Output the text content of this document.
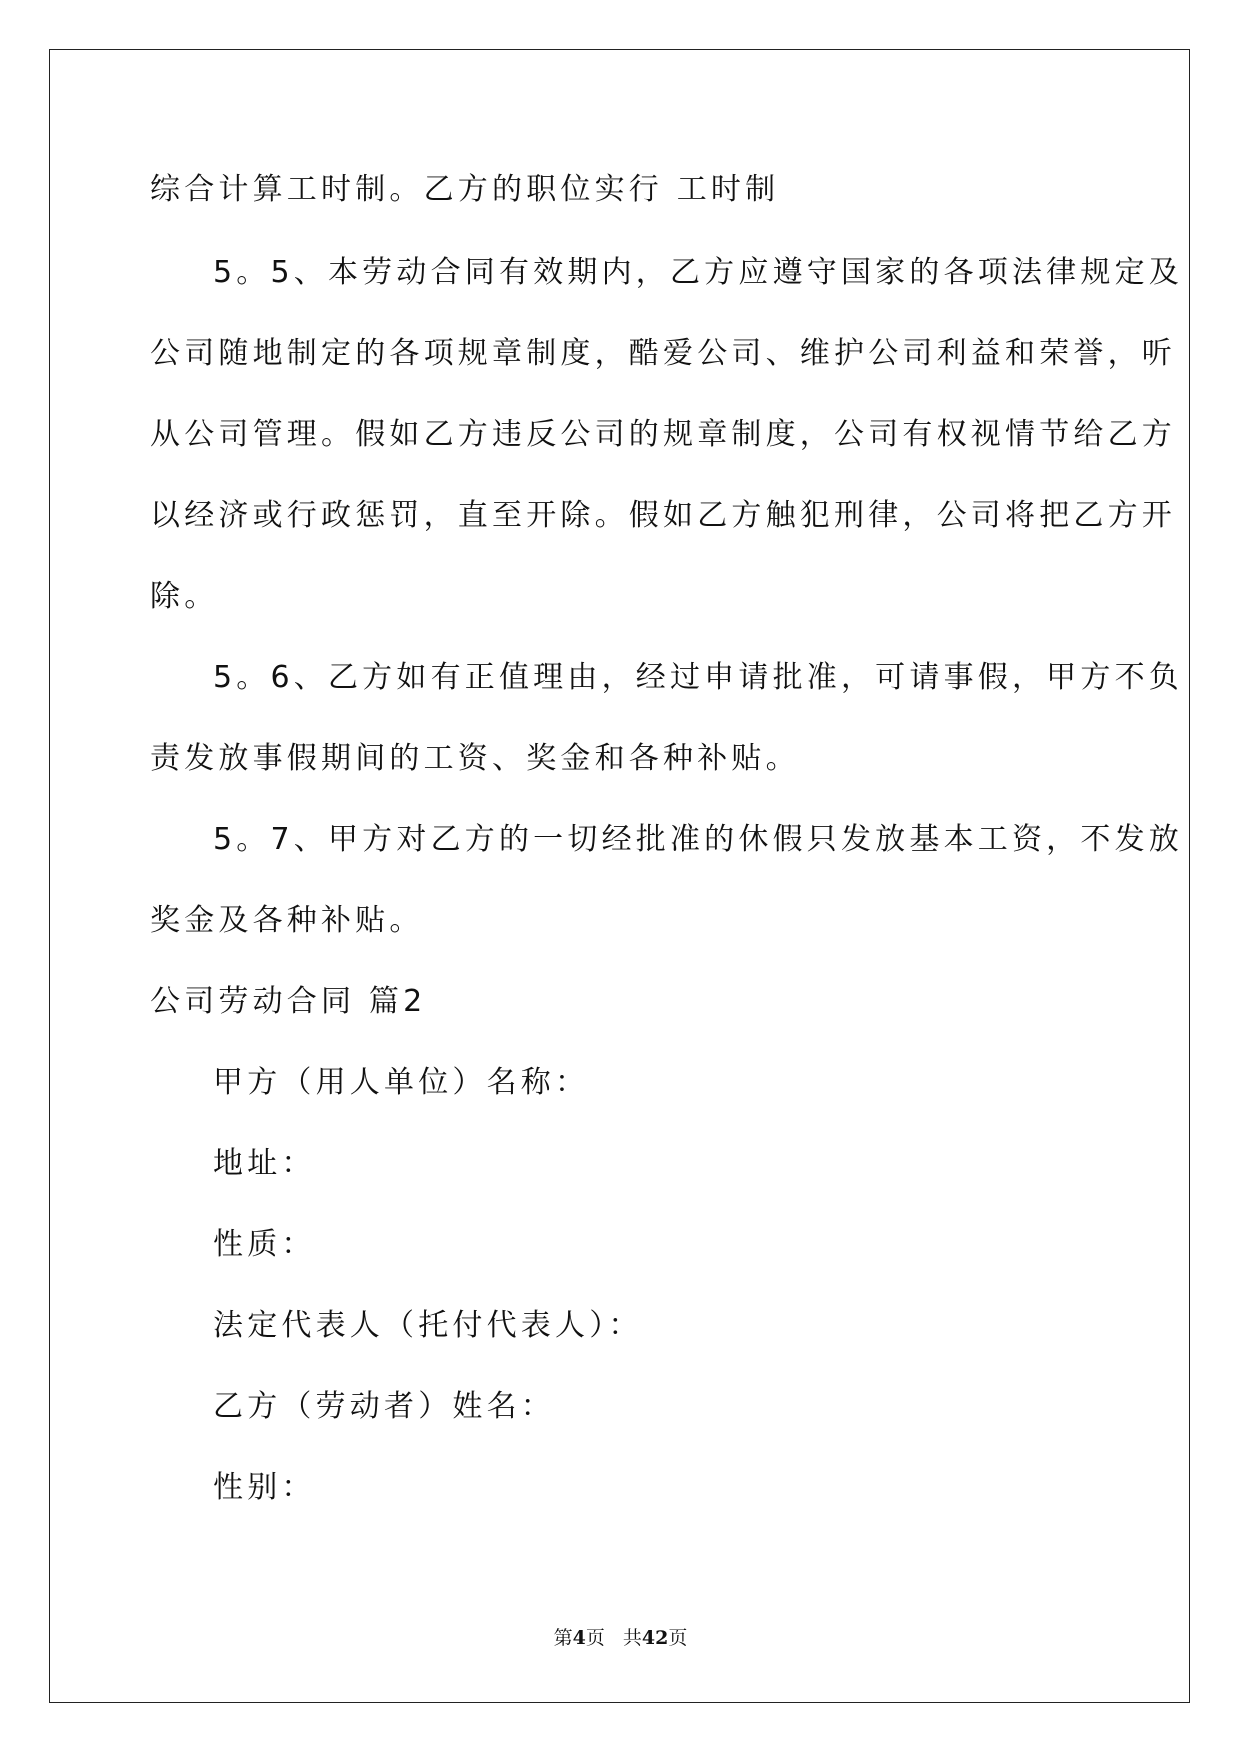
综合计算工时制。乙方的职位实行 工时制
5。5、本劳动合同有效期内，乙方应遵守国家的各项法律规定及
公司随地制定的各项规章制度，酷爱公司、维护公司利益和荣誉，听
从公司管理。假如乙方违反公司的规章制度，公司有权视情节给乙方
以经济或行政惩罚，直至开除。假如乙方触犯刑律，公司将把乙方开
除。
5。6、乙方如有正值理由，经过申请批准，可请事假，甲方不负
责发放事假期间的工资、奖金和各种补贴。
5。7、甲方对乙方的一切经批准的休假只发放基本工资，不发放
奖金及各种补贴。
公司劳动合同 篇2
甲方（用人单位）名称：
地址：
性质：
法定代表人（托付代表人）：
乙方（劳动者）姓名：
性别：
第4页 共42页
